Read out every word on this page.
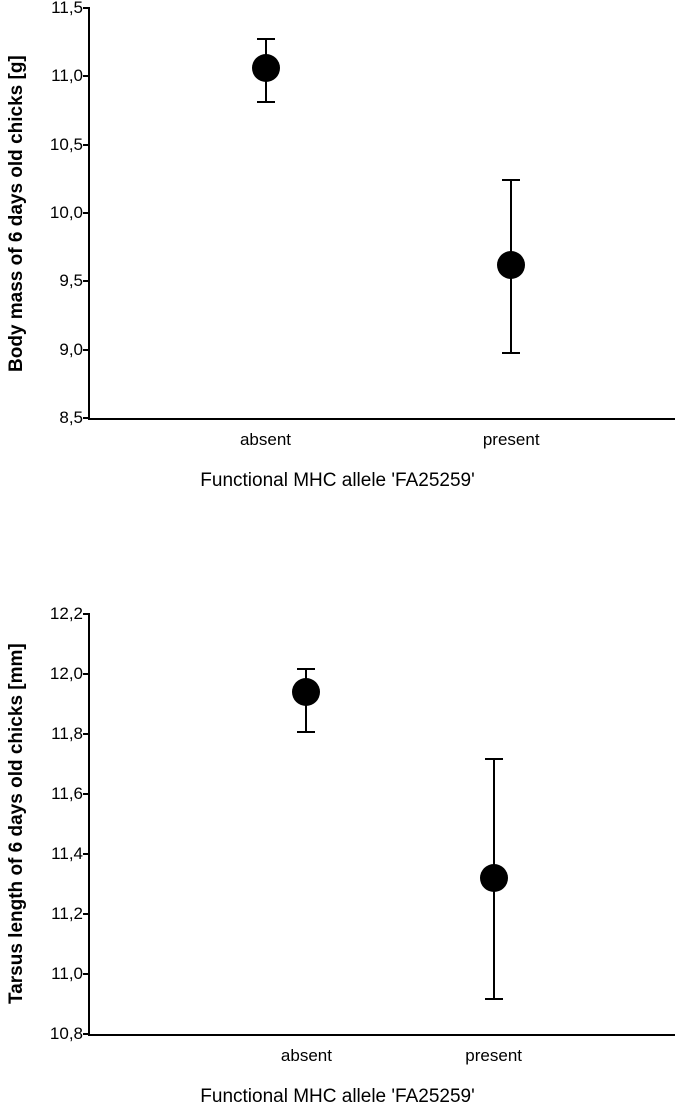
Body mass of 6 days old chicks [g]
8,5
9,0
9,5
10,0
10,5
11,0
11,5
absent	present
Functional MHC allele 'FA25259'
Tarsus length of 6 days old chicks [mm]
10,8
11,0
11,2
11,4
11,6
11,8
12,0
12,2
absent	present
Functional MHC allele 'FA25259'
